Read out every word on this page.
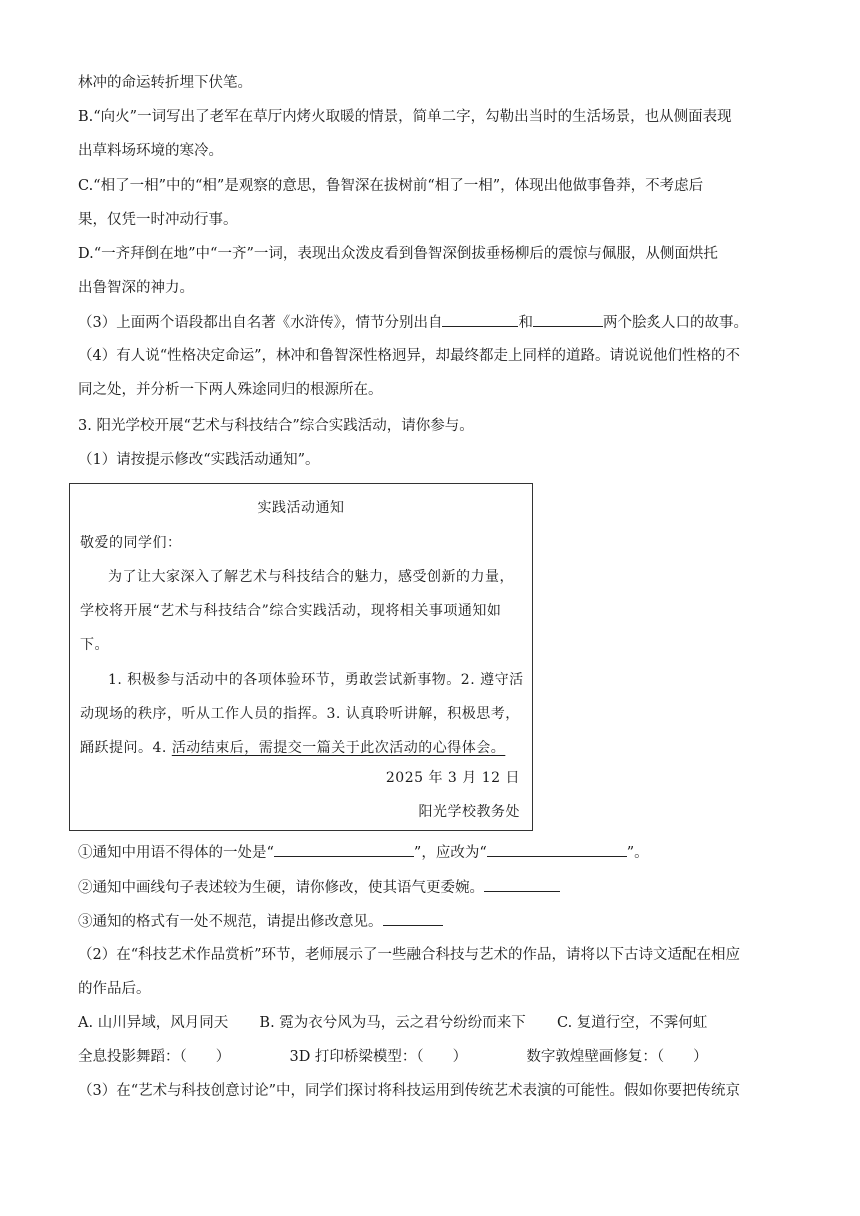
林冲的命运转折埋下伏笔。
B.“向火”一词写出了老军在草厅内烤火取暖的情景，简单二字，勾勒出当时的生活场景，也从侧面表现
出草料场环境的寒冷。
C.“相了一相”中的“相”是观察的意思，鲁智深在拔树前“相了一相”，体现出他做事鲁莽，不考虑后
果，仅凭一时冲动行事。
D.“一齐拜倒在地”中“一齐”一词，表现出众泼皮看到鲁智深倒拔垂杨柳后的震惊与佩服，从侧面烘托
出鲁智深的神力。
（3）上面两个语段都出自名著《水浒传》，情节分别出自	和	两个脍炙人口的故事。
（4）有人说“性格决定命运”，林冲和鲁智深性格迥异，却最终都走上同样的道路。请说说他们性格的不
同之处，并分析一下两人殊途同归的根源所在。
3. 阳光学校开展“艺术与科技结合”综合实践活动，请你参与。
（1）请按提示修改“实践活动通知”。
实践活动通知
敬爱的同学们：
为了让大家深入了解艺术与科技结合的魅力，感受创新的力量，
学校将开展“艺术与科技结合”综合实践活动，现将相关事项通知如
下。
1. 积极参与活动中的各项体验环节，勇敢尝试新事物。2. 遵守活
动现场的秩序，听从工作人员的指挥。3. 认真聆听讲解，积极思考，
踊跃提问。4. 活动结束后，需提交一篇关于此次活动的心得体会。
2025 年 3 月 12 日
阳光学校教务处
①通知中用语不得体的一处是“	”，应改为“	”。
②通知中画线句子表述较为生硬，请你修改，使其语气更委婉。
③通知的格式有一处不规范，请提出修改意见。
（2）在“科技艺术作品赏析”环节，老师展示了一些融合科技与艺术的作品，请将以下古诗文适配在相应
的作品后。
A. 山川异域，风月同天 B. 霓为衣兮风为马，云之君兮纷纷而来下 C. 复道行空，不霁何虹
全息投影舞蹈：（　　）	3D 打印桥梁模型：（　　）	数字敦煌壁画修复：（　　）
（3）在“艺术与科技创意讨论”中，同学们探讨将科技运用到传统艺术表演的可能性。假如你要把传统京
